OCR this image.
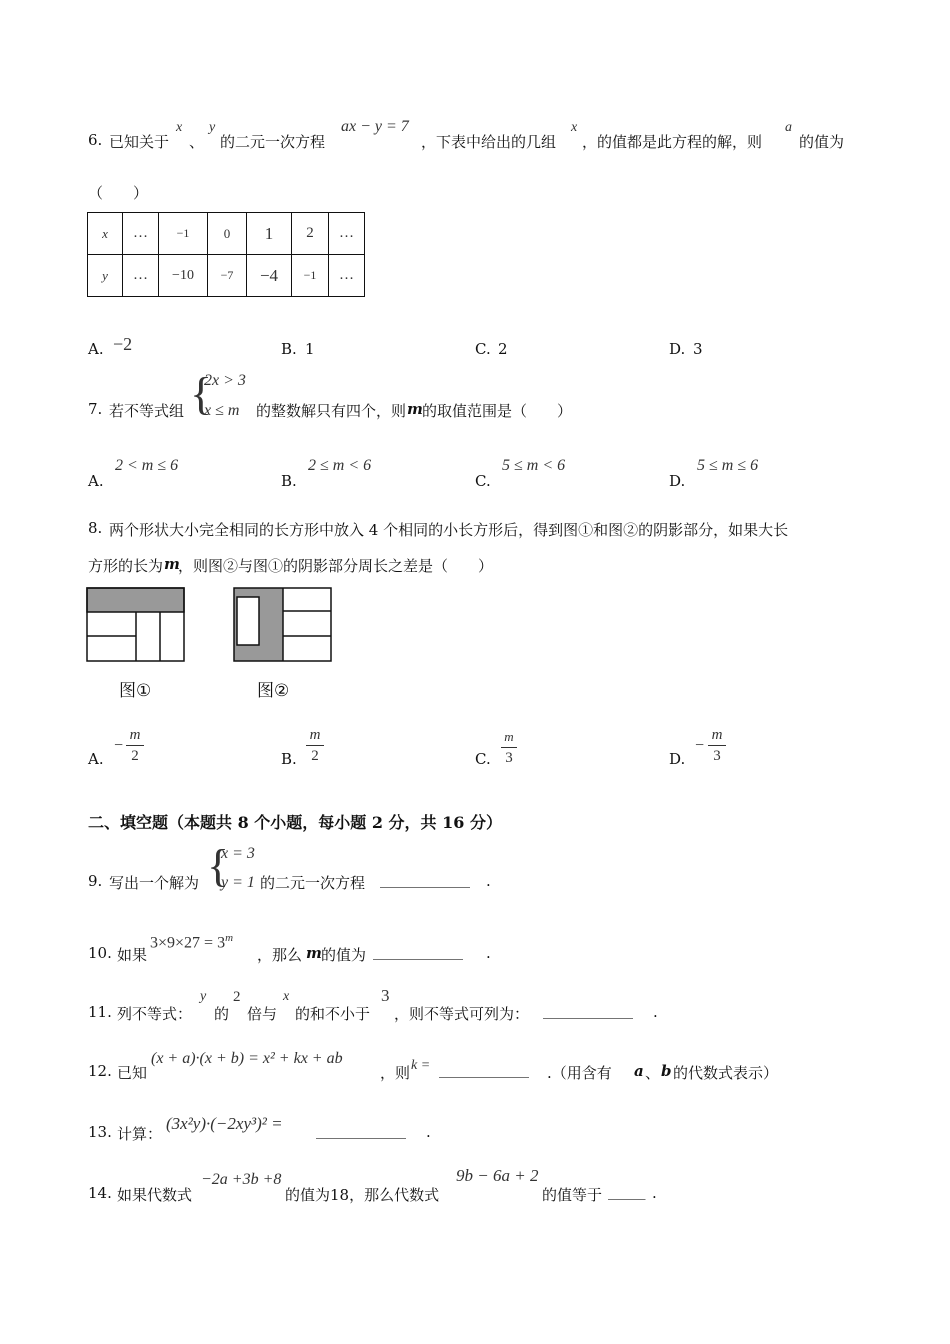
6. 已知关于
x
、
y
的二元一次方程
ax − y = 7
，下表中给出的几组
x
，的值都是此方程的解，则
a
的值为
（　　）
x	…	−1	0	1	2	…
y	…	−10	−7	−4	−1	…
A. −2	B. 1	C. 2	D. 3
7. 若不等式组 {
2x > 3
x ≤ m 的整数解只有四个，则 m 的取值范围是（　　）
A.
2 < m ≤ 6
B.
2 ≤ m < 6
C.
5 ≤ m < 6
D.
5 ≤ m ≤ 6
8. 两个形状大小完全相同的长方形中放入 4 个相同的小长方形后，得到图①和图②的阴影部分，如果大长
方形的长为 m
，则图②与图①的阴影部分周长之差是（　　）
图①	图②
A.
−
m
2	B.
m
2	C.
m
3	D.
−
m
3
二、填空题（本题共 8 个小题，每小题 2 分，共 16 分）
9. 写出一个解为 {
x = 3
y = 1 的二元一次方程 ____________ .
10. 如果
$3\times 9\times 27 = 3^m$
，那么 m 的值为 ____________ .
11. 列不等式：
y
的
2
倍与
x
的和不小于
3
，则不等式可列为： ____________ .
12. 已知
(x + a)·(x + b) = x² + kx + ab
，则 k = ____________ .（用含有 a 、 b 的代数式表示）
13. 计算：
(3x²y)·(−2xy³)² = ____________ .
14. 如果代数式
−2a +3b +8
的值为18，那么代数式
9b − 6a + 2
的值等于 _____ .
